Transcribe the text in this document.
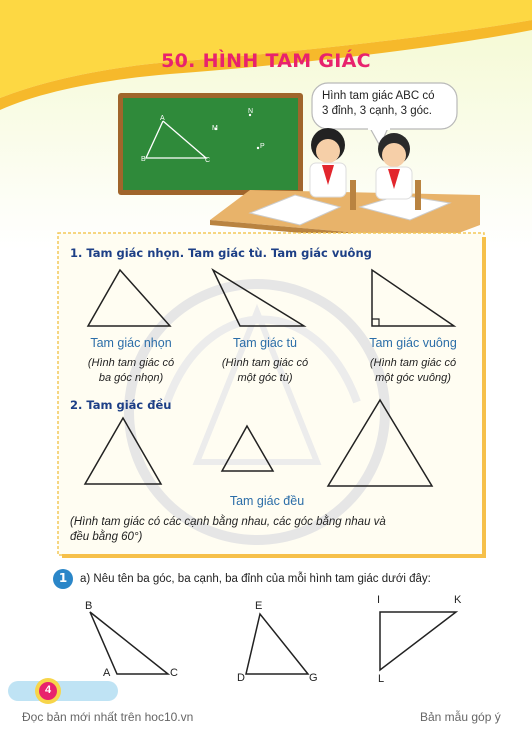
50. HÌNH TAM GIÁC
A
B	C
M
N
P
Hình tam giác ABC có
3 đỉnh, 3 cạnh, 3 góc.
1. Tam giác nhọn. Tam giác tù. Tam giác vuông
Tam giác nhọn
(Hình tam giác có
ba góc nhọn)
Tam giác tù
(Hình tam giác có
một góc tù)
Tam giác vuông
(Hình tam giác có
một góc vuông)
2. Tam giác đều
Tam giác đều
(Hình tam giác có các cạnh bằng nhau, các góc bằng nhau và
đều bằng 60°)
1	a) Nêu tên ba góc, ba cạnh, ba đỉnh của mỗi hình tam giác dưới đây:
B
A	C
E
D	G
I	K
L
4
Đọc bản mới nhất trên hoc10.vn	Bản mẫu góp ý
